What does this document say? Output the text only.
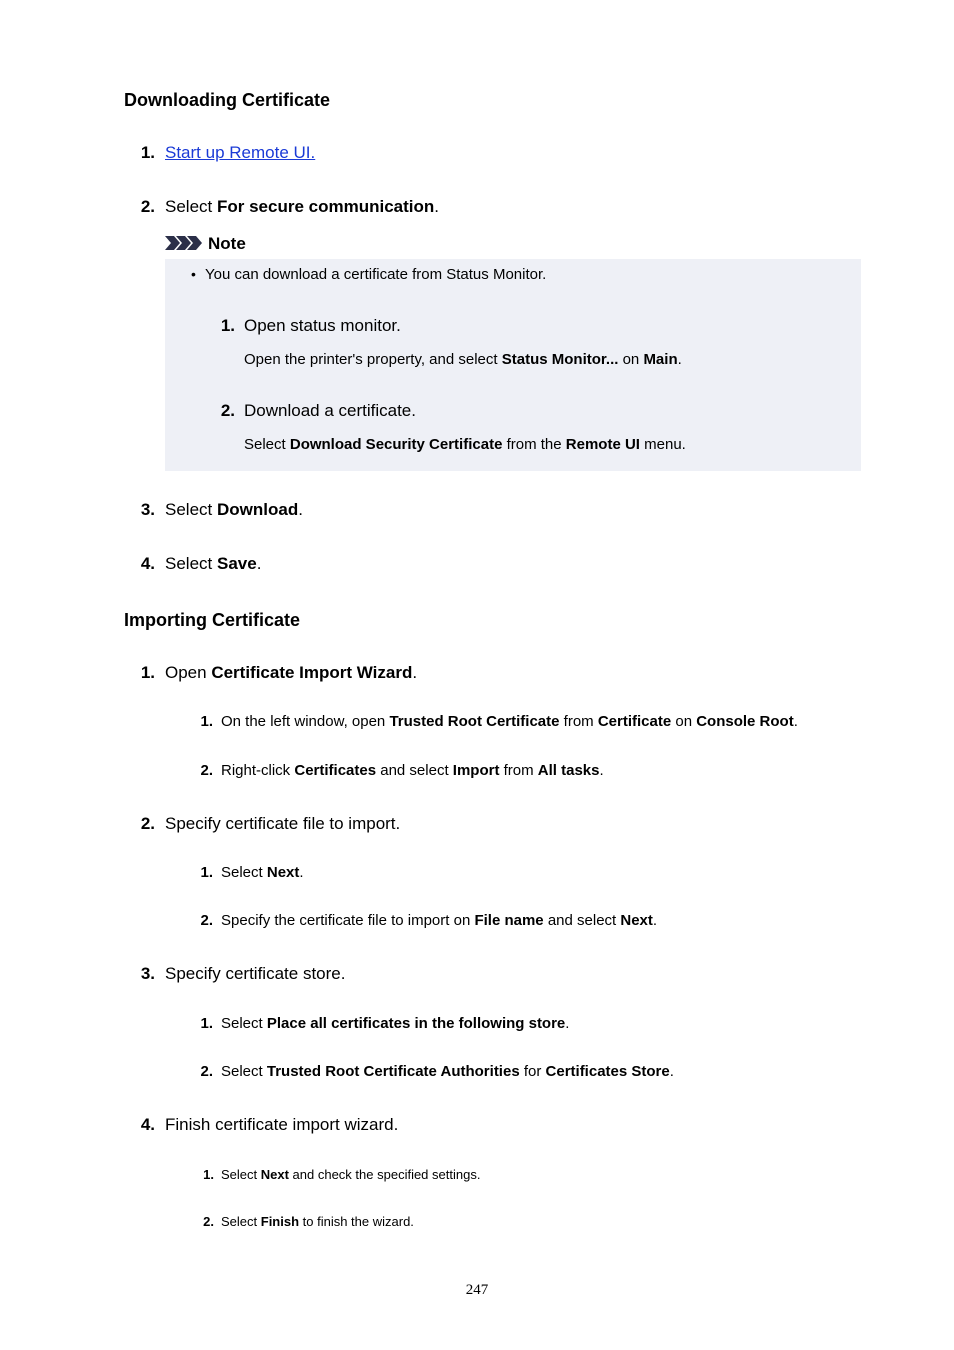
Downloading Certificate
1. Start up Remote UI.
2. Select For secure communication.
Note
• You can download a certificate from Status Monitor.
1. Open status monitor.
Open the printer's property, and select Status Monitor... on Main.
2. Download a certificate.
Select Download Security Certificate from the Remote UI menu.
3. Select Download.
4. Select Save.
Importing Certificate
1. Open Certificate Import Wizard.
1. On the left window, open Trusted Root Certificate from Certificate on Console Root.
2. Right-click Certificates and select Import from All tasks.
2. Specify certificate file to import.
1. Select Next.
2. Specify the certificate file to import on File name and select Next.
3. Specify certificate store.
1. Select Place all certificates in the following store.
2. Select Trusted Root Certificate Authorities for Certificates Store.
4. Finish certificate import wizard.
1. Select Next and check the specified settings.
2. Select Finish to finish the wizard.
247
